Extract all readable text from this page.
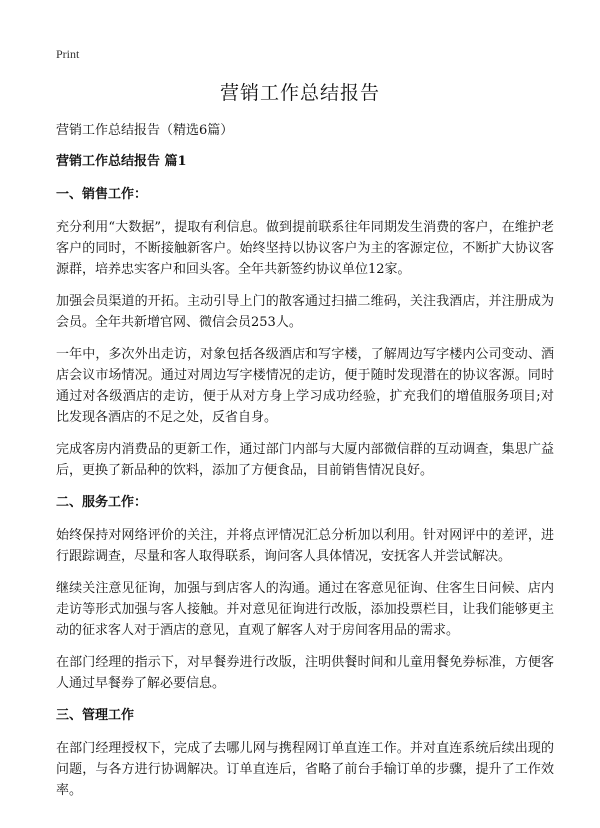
Print
营销工作总结报告

营销工作总结报告（精选6篇）

营销工作总结报告 篇1

一、销售工作：

充分利用“大数据”，提取有利信息。做到提前联系往年同期发生消费的客户，在维护老客户的同时，不断接触新客户。始终坚持以协议客户为主的客源定位，不断扩大协议客源群，培养忠实客户和回头客。全年共新签约协议单位12家。

加强会员渠道的开拓。主动引导上门的散客通过扫描二维码，关注我酒店，并注册成为会员。全年共新增官网、微信会员253人。

一年中，多次外出走访，对象包括各级酒店和写字楼，了解周边写字楼内公司变动、酒店会议市场情况。通过对周边写字楼情况的走访，便于随时发现潜在的协议客源。同时通过对各级酒店的走访，便于从对方身上学习成功经验，扩充我们的增值服务项目;对比发现各酒店的不足之处，反省自身。

完成客房内消费品的更新工作，通过部门内部与大厦内部微信群的互动调查，集思广益后，更换了新品种的饮料，添加了方便食品，目前销售情况良好。

二、服务工作：

始终保持对网络评价的关注，并将点评情况汇总分析加以利用。针对网评中的差评，进行跟踪调查，尽量和客人取得联系，询问客人具体情况，安抚客人并尝试解决。

继续关注意见征询，加强与到店客人的沟通。通过在客意见征询、住客生日问候、店内走访等形式加强与客人接触。并对意见征询进行改版，添加投票栏目，让我们能够更主动的征求客人对于酒店的意见，直观了解客人对于房间客用品的需求。

在部门经理的指示下，对早餐券进行改版，注明供餐时间和儿童用餐免券标准，方便客人通过早餐券了解必要信息。

三、管理工作

在部门经理授权下，完成了去哪儿网与携程网订单直连工作。并对直连系统后续出现的问题，与各方进行协调解决。订单直连后，省略了前台手输订单的步骤，提升了工作效率。
